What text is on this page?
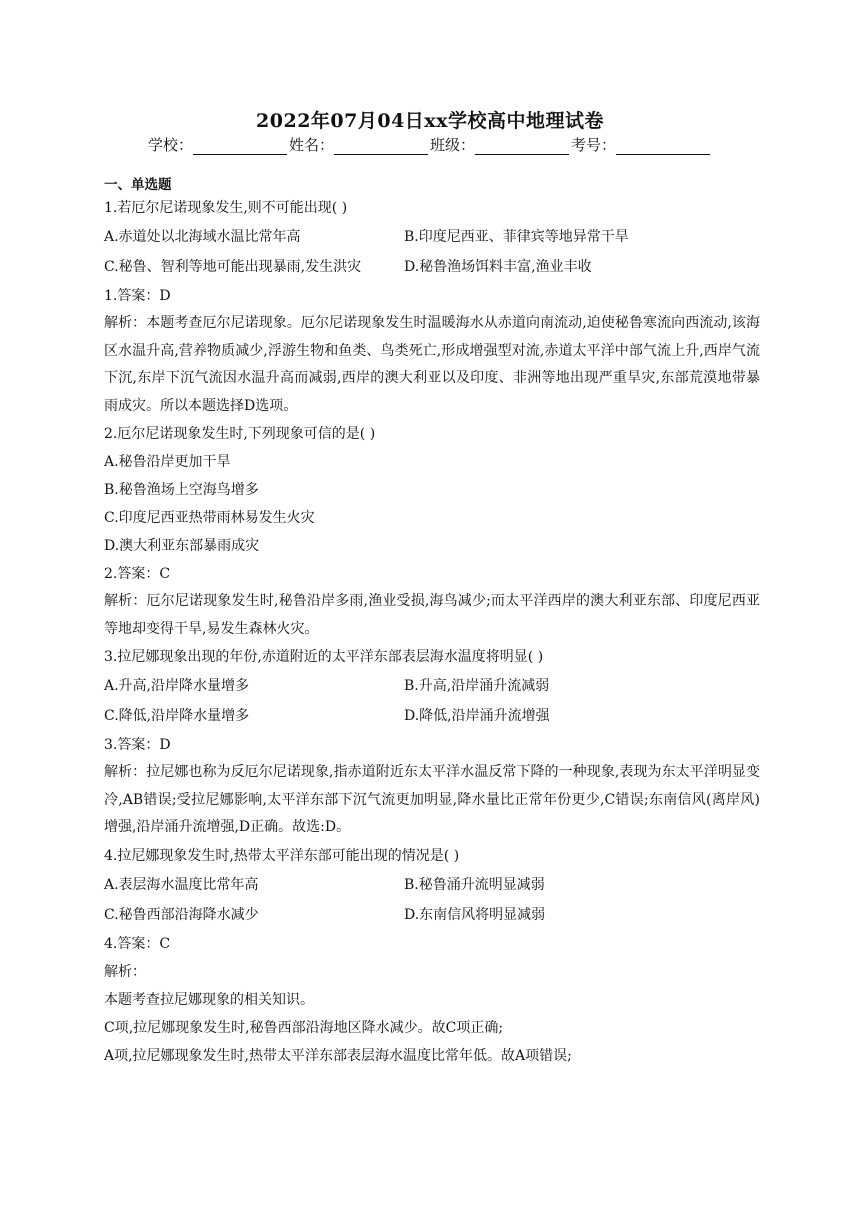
2022年07月04日xx学校高中地理试卷
学校：	姓名：	班级：	考号：
一、单选题
1.若厄尔尼诺现象发生,则不可能出现( )
A.赤道处以北海域水温比常年高	B.印度尼西亚、菲律宾等地异常干旱
C.秘鲁、智利等地可能出现暴雨,发生洪灾	D.秘鲁渔场饵料丰富,渔业丰收
1.答案：D
解析：本题考查厄尔尼诺现象。厄尔尼诺现象发生时温暖海水从赤道向南流动,迫使秘鲁寒流向西流动,该海区水温升高,营养物质减少,浮游生物和鱼类、鸟类死亡,形成增强型对流,赤道太平洋中部气流上升,西岸气流下沉,东岸下沉气流因水温升高而减弱,西岸的澳大利亚以及印度、非洲等地出现严重旱灾,东部荒漠地带暴雨成灾。所以本题选择D选项。
2.厄尔尼诺现象发生时,下列现象可信的是( )
A.秘鲁沿岸更加干旱
B.秘鲁渔场上空海鸟增多
C.印度尼西亚热带雨林易发生火灾
D.澳大利亚东部暴雨成灾
2.答案：C
解析：厄尔尼诺现象发生时,秘鲁沿岸多雨,渔业受损,海鸟减少;而太平洋西岸的澳大利亚东部、印度尼西亚等地却变得干旱,易发生森林火灾。
3.拉尼娜现象出现的年份,赤道附近的太平洋东部表层海水温度将明显( )
A.升高,沿岸降水量增多	B.升高,沿岸涌升流减弱
C.降低,沿岸降水量增多	D.降低,沿岸涌升流增强
3.答案：D
解析：拉尼娜也称为反厄尔尼诺现象,指赤道附近东太平洋水温反常下降的一种现象,表现为东太平洋明显变冷,AB错误;受拉尼娜影响,太平洋东部下沉气流更加明显,降水量比正常年份更少,C错误;东南信风(离岸风)增强,沿岸涌升流增强,D正确。故选:D。
4.拉尼娜现象发生时,热带太平洋东部可能出现的情况是( )
A.表层海水温度比常年高	B.秘鲁涌升流明显减弱
C.秘鲁西部沿海降水减少	D.东南信风将明显减弱
4.答案：C
解析：
本题考查拉尼娜现象的相关知识。
C项,拉尼娜现象发生时,秘鲁西部沿海地区降水减少。故C项正确;
A项,拉尼娜现象发生时,热带太平洋东部表层海水温度比常年低。故A项错误;
